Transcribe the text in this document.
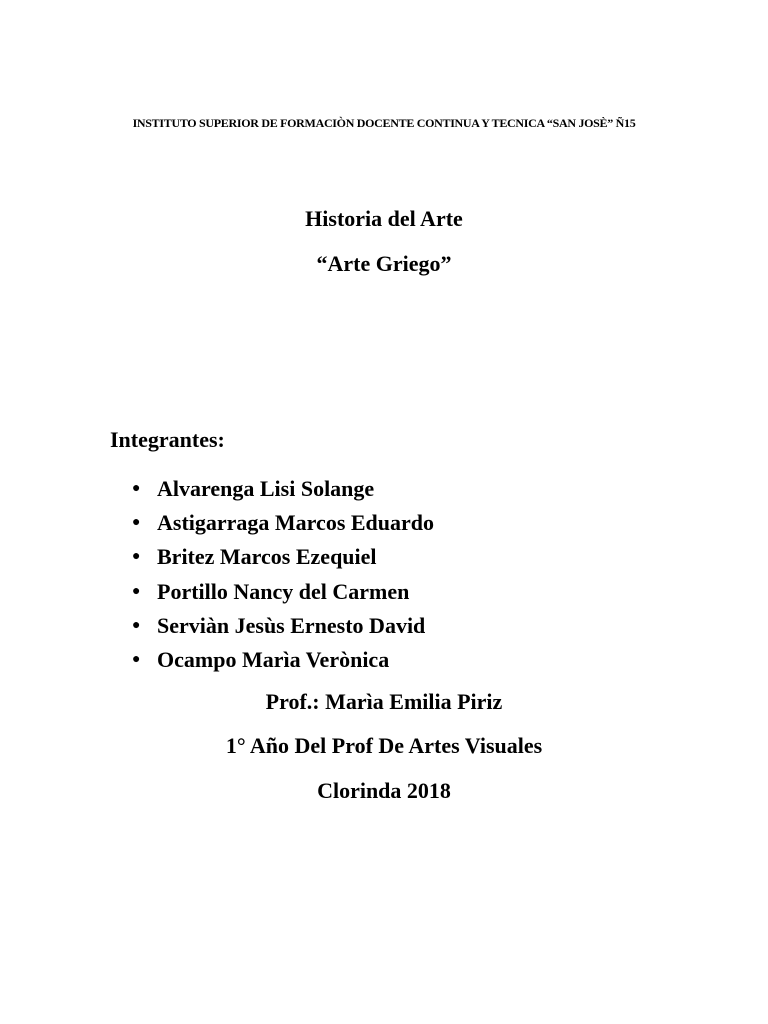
INSTITUTO SUPERIOR DE FORMACIÒN DOCENTE CONTINUA Y TECNICA “SAN JOSÈ” Ñ15
Historia del Arte
“Arte Griego”
Integrantes:
● Alvarenga Lisi Solange
● Astigarraga Marcos Eduardo
● Britez Marcos Ezequiel
● Portillo Nancy del Carmen
● Serviàn Jesùs Ernesto David
● Ocampo Marìa Verònica
Prof.: Marìa Emilia Piriz
1° Año Del Prof De Artes Visuales
Clorinda 2018
